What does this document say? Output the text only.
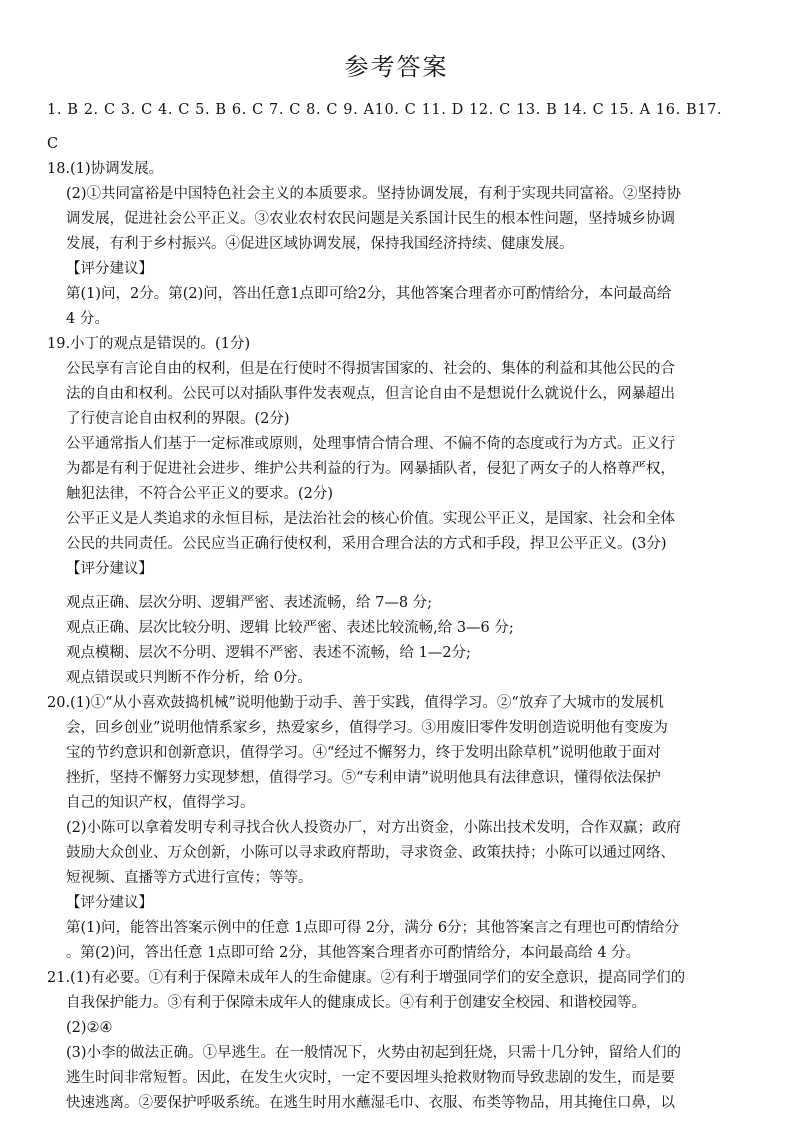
参考答案
1. B 2. C 3. C 4. C 5. B 6. C 7. C 8. C 9. A10. C 11. D 12. C 13. B 14. C 15. A 16. B17.
C
18.(1)协调发展。
(2)①共同富裕是中国特色社会主义的本质要求。坚持协调发展，有利于实现共同富裕。②坚持协
调发展，促进社会公平正义。③农业农村农民问题是关系国计民生的根本性问题，坚持城乡协调
发展，有利于乡村振兴。④促进区域协调发展，保持我国经济持续、健康发展。
【评分建议】
第(1)问，2分。第(2)问，答出任意1点即可给2分，其他答案合理者亦可酌情给分，本问最高给
4 分。
19.小丁的观点是错误的。(1分)
公民享有言论自由的权利，但是在行使时不得损害国家的、社会的、集体的利益和其他公民的合
法的自由和权利。公民可以对插队事件发表观点，但言论自由不是想说什么就说什么，网暴超出
了行使言论自由权利的界限。(2分)
公平通常指人们基于一定标准或原则，处理事情合情合理、不偏不倚的态度或行为方式。正义行
为都是有利于促进社会进步、维护公共利益的行为。网暴插队者，侵犯了两女子的人格尊严权，
触犯法律，不符合公平正义的要求。(2分)
公平正义是人类追求的永恒目标，是法治社会的核心价值。实现公平正义，是国家、社会和全体
公民的共同责任。公民应当正确行使权利，采用合理合法的方式和手段，捍卫公平正义。(3分)
【评分建议】
观点正确、层次分明、逻辑严密、表述流畅，给 7—8 分;
观点正确、层次比较分明、逻辑 比较严密、表述比较流畅,给 3—6 分;
观点模糊、层次不分明、逻辑不严密、表述不流畅，给 1—2分;
观点错误或只判断不作分析，给 0分。
20.(1)①“从小喜欢鼓捣机械”说明他勤于动手、善于实践，值得学习。②“放弃了大城市的发展机
会，回乡创业”说明他情系家乡，热爱家乡，值得学习。③用废旧零件发明创造说明他有变废为
宝的节约意识和创新意识，值得学习。④“经过不懈努力，终于发明出除草机”说明他敢于面对
挫折，坚持不懈努力实现梦想，值得学习。⑤“专利申请”说明他具有法律意识，懂得依法保护
自己的知识产权，值得学习。
(2)小陈可以拿着发明专利寻找合伙人投资办厂，对方出资金，小陈出技术发明，合作双赢；政府
鼓励大众创业、万众创新，小陈可以寻求政府帮助，寻求资金、政策扶持；小陈可以通过网络、
短视频、直播等方式进行宣传；等等。
【评分建议】
第(1)问，能答出答案示例中的任意 1点即可得 2分，满分 6分；其他答案言之有理也可酌情给分
。第(2)问，答出任意 1点即可给 2分，其他答案合理者亦可酌情给分，本问最高给 4 分。
21.(1)有必要。①有利于保障未成年人的生命健康。②有利于增强同学们的安全意识，提高同学们的
自我保护能力。③有利于保障未成年人的健康成长。④有利于创建安全校园、和谐校园等。
(2)②④
(3)小李的做法正确。①早逃生。在一般情况下，火势由初起到狂烧，只需十几分钟，留给人们的
逃生时间非常短暂。因此，在发生火灾时，一定不要因埋头抢救财物而导致悲剧的发生，而是要
快速逃离。②要保护呼吸系统。在逃生时用水蘸湿毛巾、衣服、布类等物品，用其掩住口鼻，以
